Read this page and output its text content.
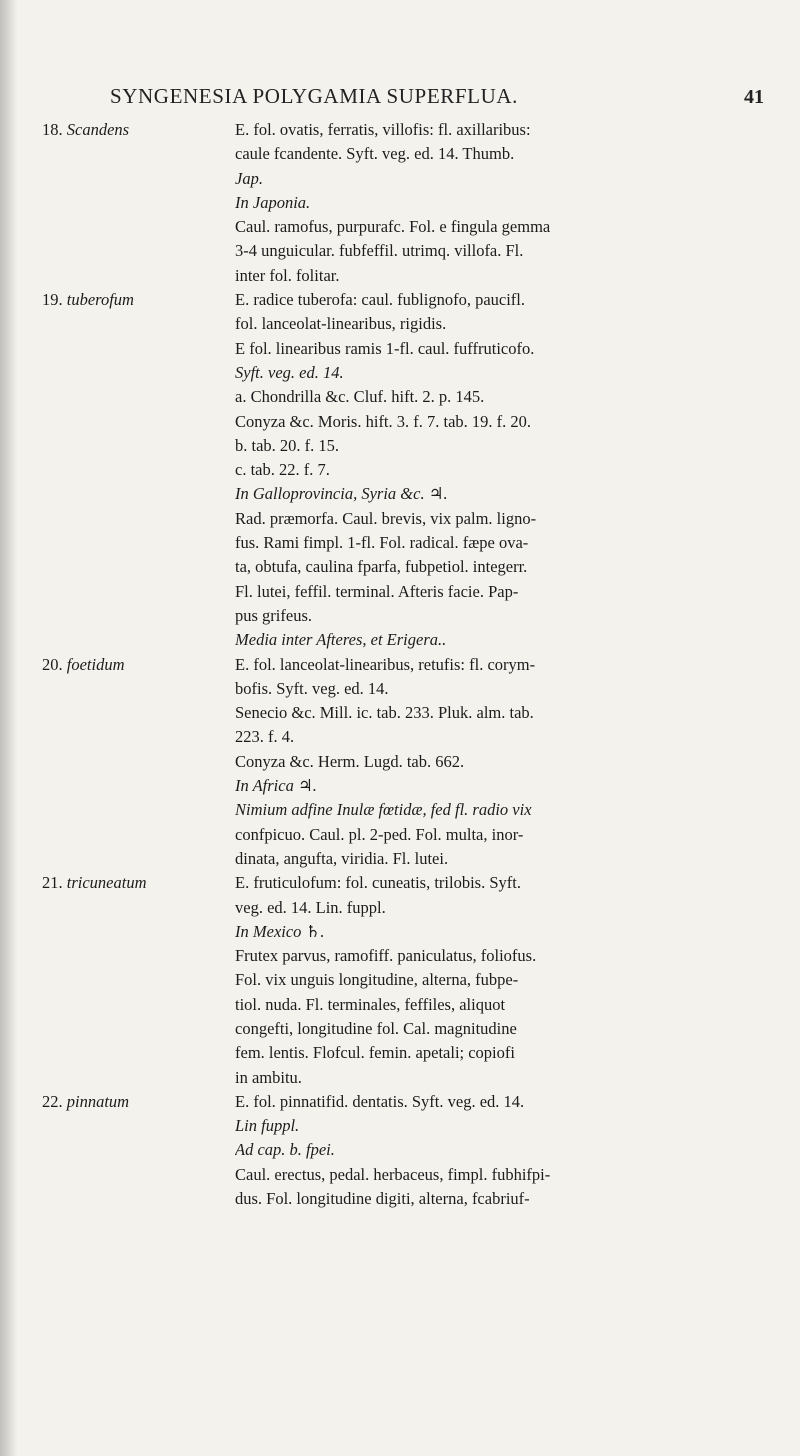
SYNGENESIA POLYGAMIA SUPERFLUA.	41
18. Scandens	E. fol. ovatis, ferratis, villofis: fl. axillaribus:
caule fcandente. Syft. veg. ed. 14. Thumb.
Jap.
In Japonia.
Caul. ramofus, purpurafc. Fol. e fingula gemma
3-4 unguicular. fubfeffil. utrimq. villofa. Fl.
inter fol. folitar.
19. tuberofum	E. radice tuberofa: caul. fublignofo, paucifl.
fol. lanceolat-linearibus, rigidis.
E fol. linearibus ramis 1-fl. caul. fuffruticofo.
Syft. veg. ed. 14.
a. Chondrilla &c. Cluf. hift. 2. p. 145.
Conyza &c. Moris. hift. 3. f. 7. tab. 19. f. 20.
b. tab. 20. f. 15.
c. tab. 22. f. 7.
In Galloprovincia, Syria &c. ♃.
Rad. præmorfa. Caul. brevis, vix palm. ligno-
fus. Rami fimpl. 1-fl. Fol. radical. fæpe ova-
ta, obtufa, caulina fparfa, fubpetiol. integerr.
Fl. lutei, feffil. terminal. Afteris facie. Pap-
pus grifeus.
Media inter Afteres, et Erigera..
20. foetidum	E. fol. lanceolat-linearibus, retufis: fl. corym-
bofis. Syft. veg. ed. 14.
Senecio &c. Mill. ic. tab. 233. Pluk. alm. tab.
223. f. 4.
Conyza &c. Herm. Lugd. tab. 662.
In Africa ♃.
Nimium adfine Inulæ fœtidæ, fed fl. radio vix
confpicuo. Caul. pl. 2-ped. Fol. multa, inor-
dinata, angufta, viridia. Fl. lutei.
21. tricuneatum	E. fruticulofum: fol. cuneatis, trilobis. Syft.
veg. ed. 14. Lin. fuppl.
In Mexico ♄.
Frutex parvus, ramofiff. paniculatus, foliofus.
Fol. vix unguis longitudine, alterna, fubpe-
tiol. nuda. Fl. terminales, feffiles, aliquot
congefti, longitudine fol. Cal. magnitudine
fem. lentis. Flofcul. femin. apetali; copiofi
in ambitu.
22. pinnatum	E. fol. pinnatifid. dentatis. Syft. veg. ed. 14.
Lin fuppl.
Ad cap. b. fpei.
Caul. erectus, pedal. herbaceus, fimpl. fubhifpi-
dus. Fol. longitudine digiti, alterna, fcabriuf-
